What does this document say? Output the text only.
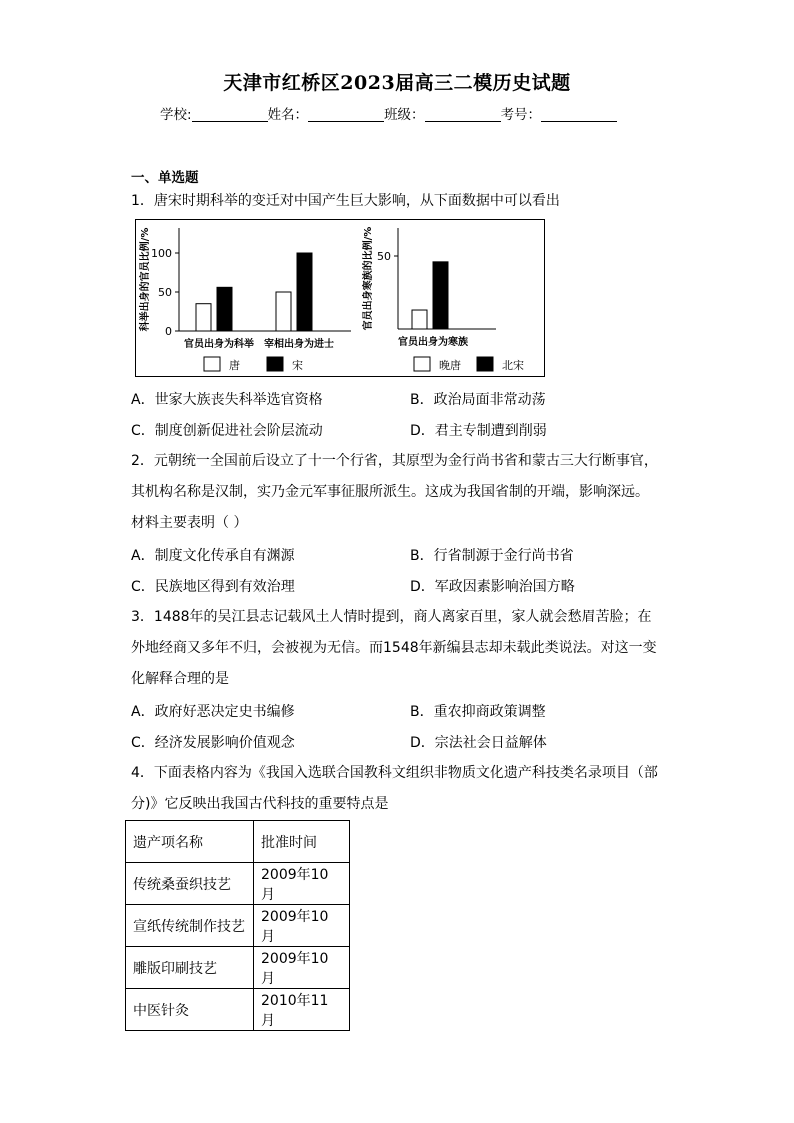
天津市红桥区2023届高三二模历史试题
学校:	姓名：	班级：	考号：
一、单选题
1．唐宋时期科举的变迁对中国产生巨大影响，从下面数据中可以看出
0
50
100
科举出身的官员比例/%
官员出身为科举 宰相出身为进士
唐	宋
50
官员出身寒族的比例/%
官员出身为寒族
晚唐	北宋
A．世家大族丧失科举选官资格	B．政治局面非常动荡
C．制度创新促进社会阶层流动	D．君主专制遭到削弱
2．元朝统一全国前后设立了十一个行省，其原型为金行尚书省和蒙古三大行断事官，其机构名称是汉制，实乃金元军事征服所派生。这成为我国省制的开端，影响深远。材料主要表明（ ）
A．制度文化传承自有渊源	B．行省制源于金行尚书省
C．民族地区得到有效治理	D．军政因素影响治国方略
3．1488年的吴江县志记载风土人情时提到，商人离家百里，家人就会愁眉苦脸；在外地经商又多年不归，会被视为无信。而1548年新编县志却未载此类说法。对这一变化解释合理的是
A．政府好恶决定史书编修	B．重农抑商政策调整
C．经济发展影响价值观念	D．宗法社会日益解体
4．下面表格内容为《我国入选联合国教科文组织非物质文化遗产科技类名录项目（部分)》它反映出我国古代科技的重要特点是
遗产项名称	批准时间
传统桑蚕织技艺	2009年10月
宣纸传统制作技艺	2009年10月
雕版印刷技艺	2009年10月
中医针灸	2010年11月
